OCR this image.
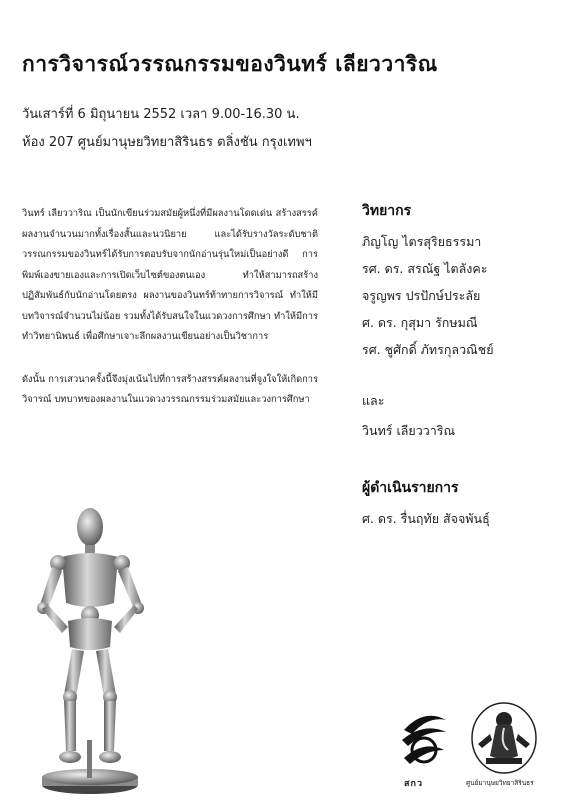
การวิจารณ์วรรณกรรมของวินทร์ เลียววาริณ
วันเสาร์ที่ 6 มิถุนายน 2552 เวลา 9.00-16.30 น.
ห้อง 207 ศูนย์มานุษยวิทยาสิรินธร ตลิ่งชัน กรุงเทพฯ

วินทร์ เลียววาริณ เป็นนักเขียนร่วมสมัยผู้หนึ่งที่มีผลงานโดดเด่น สร้างสรรค์ผลงานจำนวนมากทั้งเรื่องสั้นและนวนิยาย และได้รับรางวัลระดับชาติ วรรณกรรมของวินทร์ได้รับการตอบรับจากนักอ่านรุ่นใหม่เป็นอย่างดี การพิมพ์เองขายเองและการเปิดเว็บไซต์ของตนเอง ทำให้สามารถสร้างปฏิสัมพันธ์กับนักอ่านโดยตรง ผลงานของวินทร์ท้าทายการวิจารณ์ ทำให้มีบทวิจารณ์จำนวนไม่น้อย รวมทั้งได้รับสนใจในแวดวงการศึกษา ทำให้มีการทำวิทยานิพนธ์ เพื่อศึกษาเจาะลึกผลงานเขียนอย่างเป็นวิชาการ

ดังนั้น การเสวนาครั้งนี้จึงมุ่งเน้นไปที่การสร้างสรรค์ผลงานที่จูงใจให้เกิดการวิจารณ์ บทบาทของผลงานในแวดวงวรรณกรรมร่วมสมัยและวงการศึกษา

วิทยากร
ภิญโญ ไตรสุริยธรรมา
รศ. ดร. สรณัฐ ไตลังคะ
จรูญพร ปรปักษ์ประลัย
ศ. ดร. กุสุมา รักษมณี
รศ. ชูศักดิ์ ภัทรกุลวณิชย์
และ
วินทร์ เลียววาริณ
ผู้ดำเนินรายการ
ศ. ดร. รื่นฤทัย สัจจพันธุ์
สกว	ศูนย์มานุษยวิทยาสิรินธร
